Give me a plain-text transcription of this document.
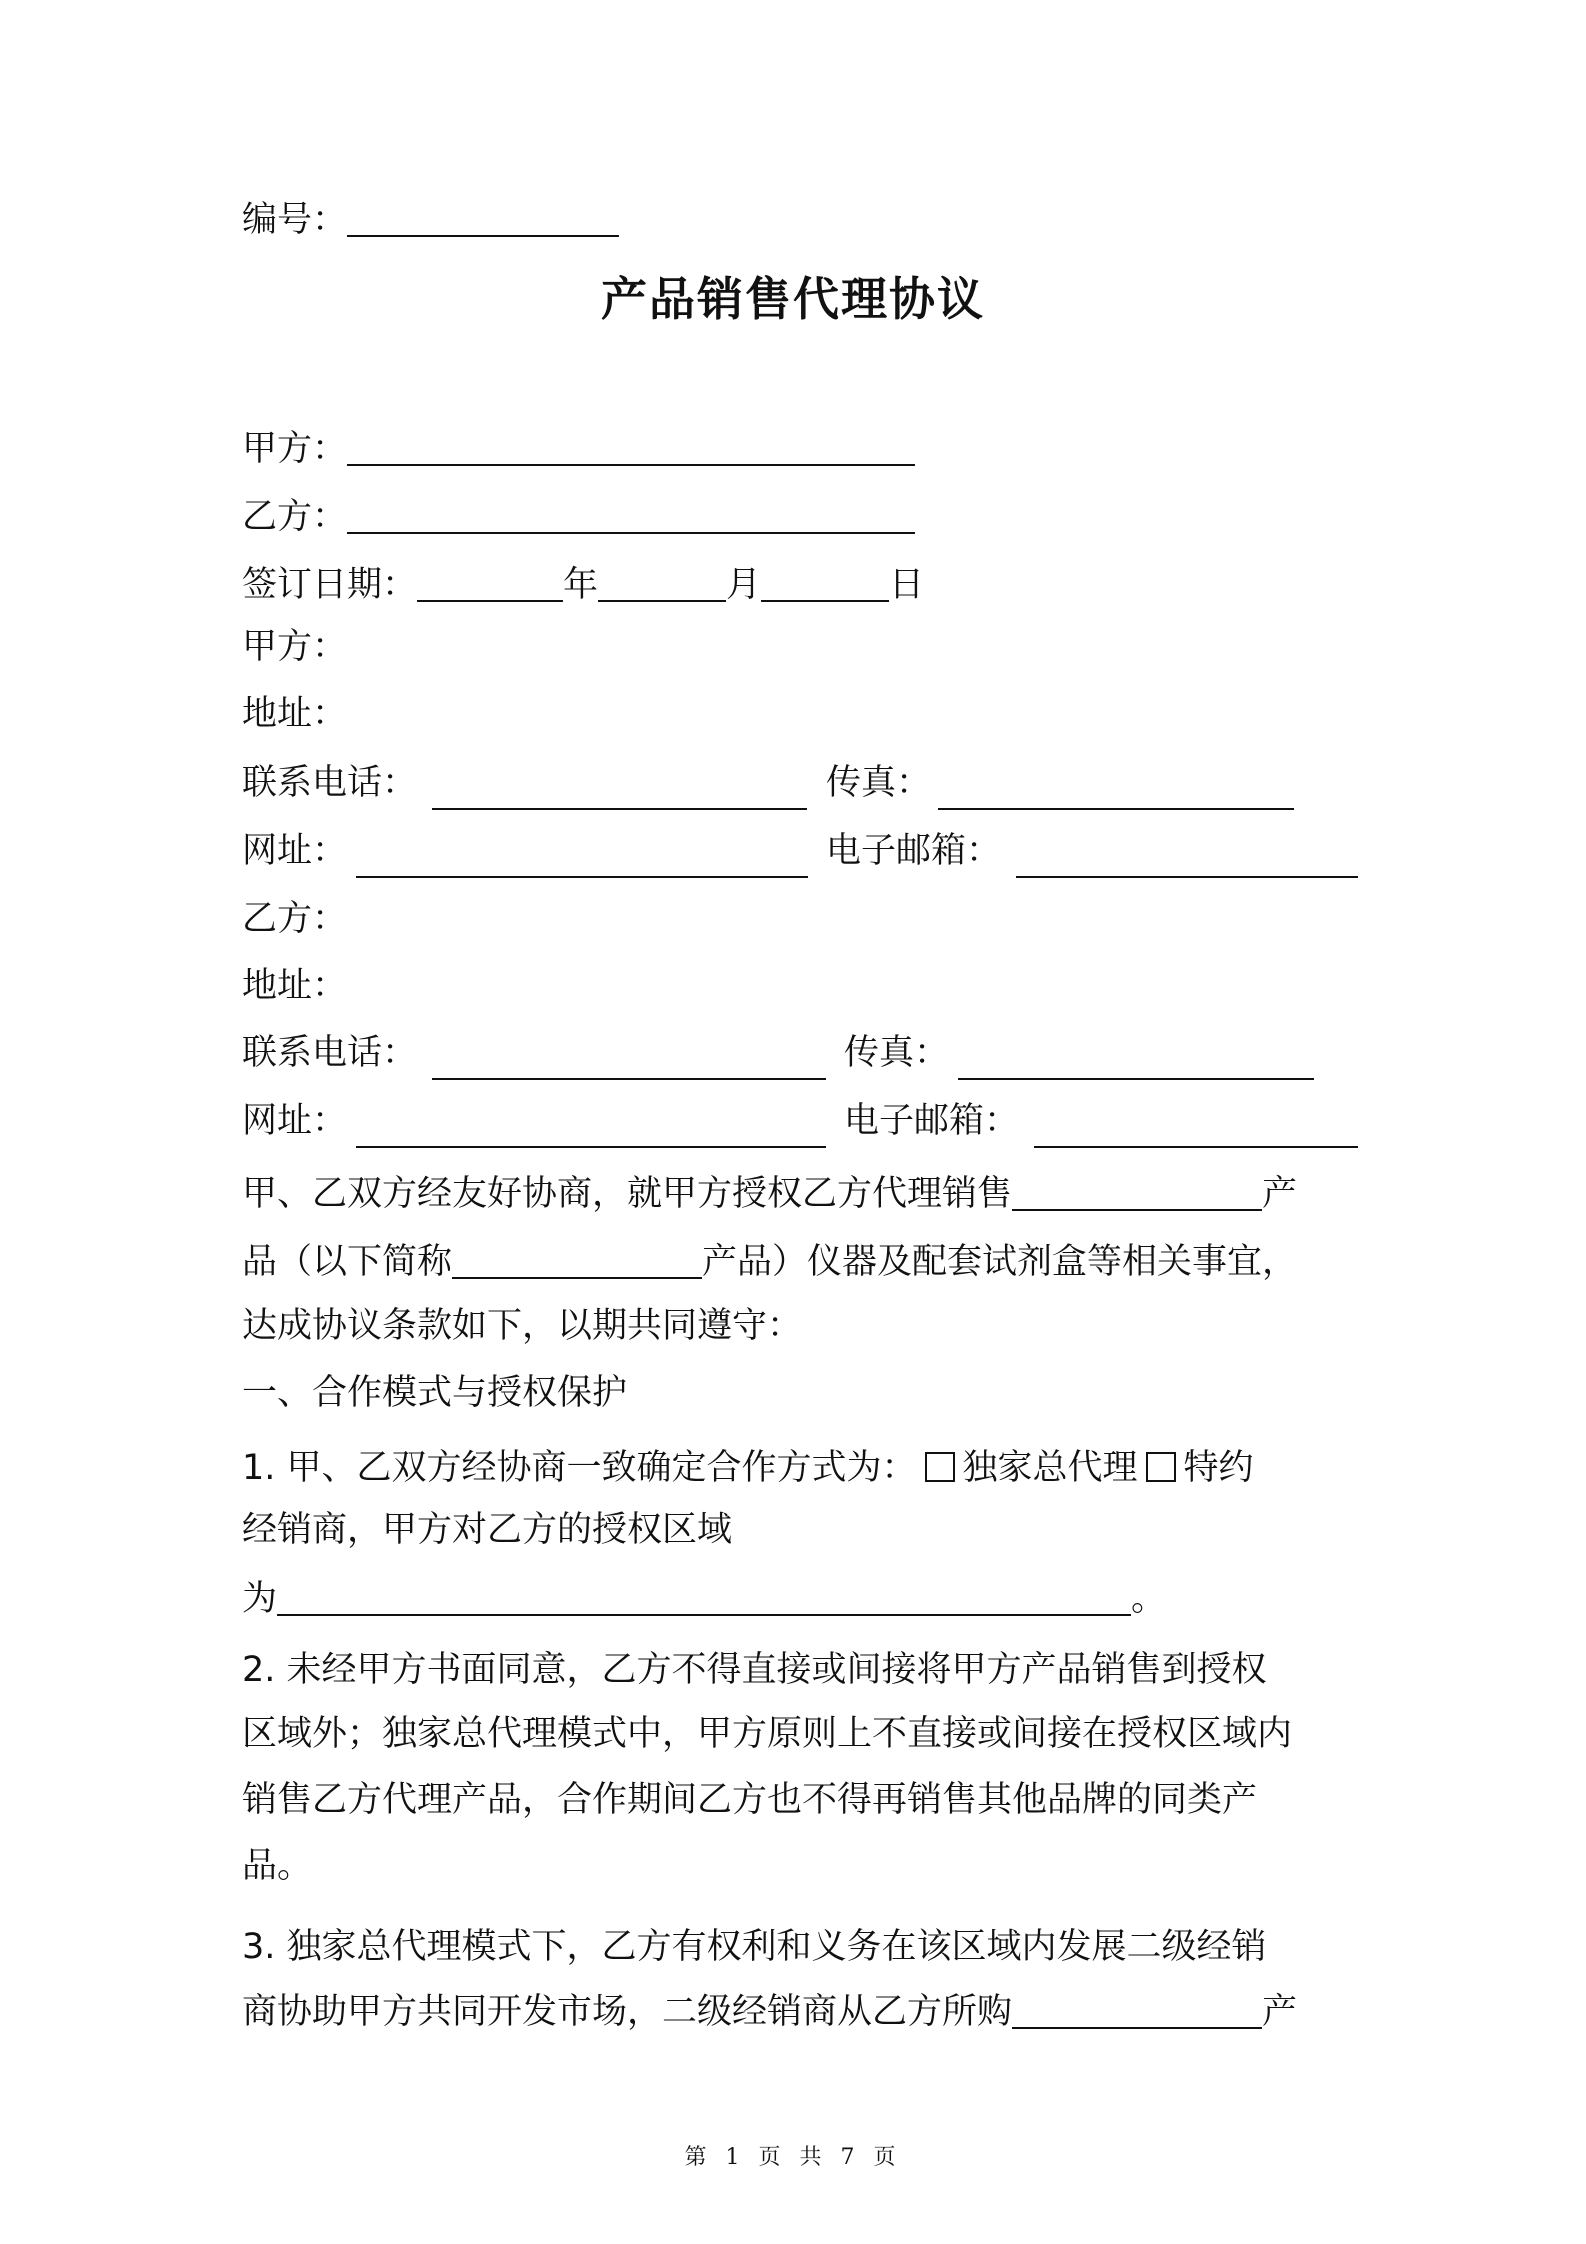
编号：
产品销售代理协议
甲方：
乙方：
签订日期：	年	月	日
甲方：
地址：
联系电话：	传真：
网址：	电子邮箱：
乙方：
地址：
联系电话：	传真：
网址：	电子邮箱：
甲、乙双方经友好协商，就甲方授权乙方代理销售	产
品（以下简称	产品）仪器及配套试剂盒等相关事宜，
达成协议条款如下，以期共同遵守：
一、合作模式与授权保护
1. 甲、乙双方经协商一致确定合作方式为： 独家总代理 特约
经销商，甲方对乙方的授权区域
为	。
2. 未经甲方书面同意，乙方不得直接或间接将甲方产品销售到授权
区域外；独家总代理模式中，甲方原则上不直接或间接在授权区域内
销售乙方代理产品，合作期间乙方也不得再销售其他品牌的同类产
品。
3. 独家总代理模式下，乙方有权利和义务在该区域内发展二级经销
商协助甲方共同开发市场，二级经销商从乙方所购	产
第 1 页 共 7 页
